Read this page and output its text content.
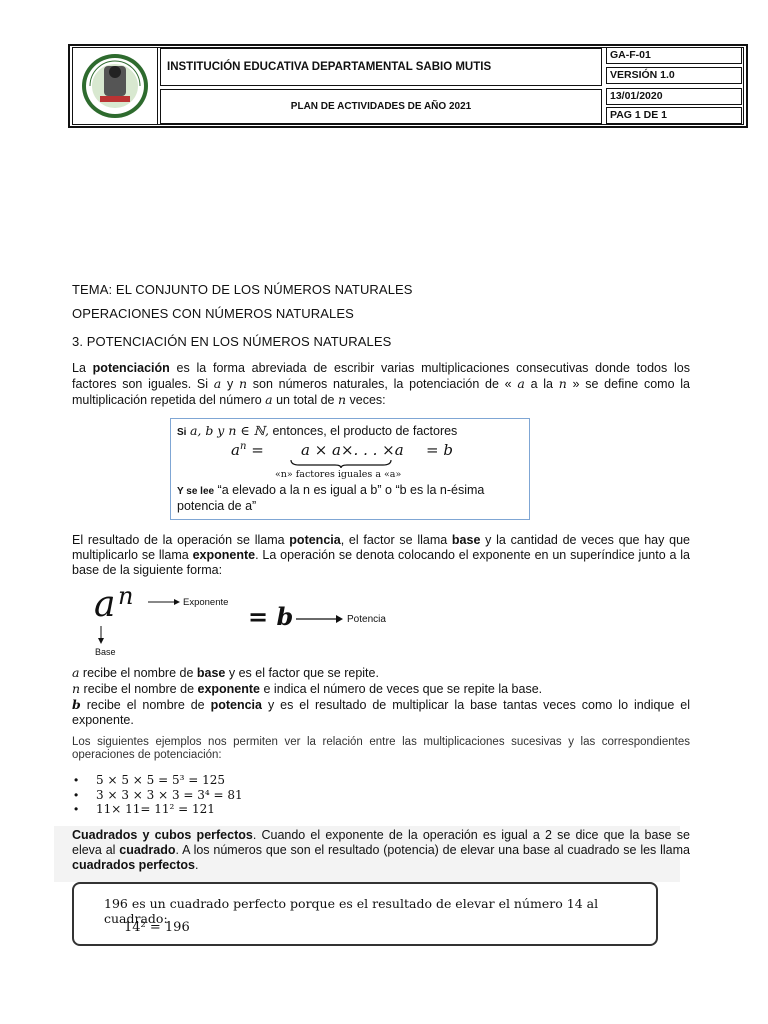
INSTITUCIÓN EDUCATIVA DEPARTAMENTAL SABIO MUTIS
PLAN DE ACTIVIDADES DE AÑO 2021
GA-F-01
VERSIÓN 1.0
13/01/2020
PAG 1 DE 1
TEMA: EL CONJUNTO DE LOS NÚMEROS NATURALES
OPERACIONES CON NÚMEROS NATURALES
3. POTENCIACIÓN EN LOS NÚMEROS NATURALES
La potenciación es la forma abreviada de escribir varias multiplicaciones consecutivas donde todos los factores son iguales. Si a y n son números naturales, la potenciación de « a a la n » se define como la multiplicación repetida del número a un total de n veces:
Si a, b y n ∈ ℕ, entonces, el producto de factores
$a^n = a \times a\times$. . . ×a = b
«n» factores iguales a «a»
Y se lee “a elevado a la n es igual a b” o “b es la n-ésima potencia de a”
El resultado de la operación se llama potencia, el factor se llama base y la cantidad de veces que hay que multiplicarlo se llama exponente. La operación se denota colocando el exponente en un superíndice junto a la base de la siguiente forma:
a n	Exponente = b	Potencia
Base
a recibe el nombre de base y es el factor que se repite.
n recibe el nombre de exponente e indica el número de veces que se repite la base.
b recibe el nombre de potencia y es el resultado de multiplicar la base tantas veces como lo indique el exponente.
Los siguientes ejemplos nos permiten ver la relación entre las multiplicaciones sucesivas y las correspondientes operaciones de potenciación:
• 5 × 5 × 5 = 5³ = 125
• 3 × 3 × 3 × 3 = 3⁴ = 81
• 11× 11= 11² = 121
Cuadrados y cubos perfectos. Cuando el exponente de la operación es igual a 2 se dice que la base se eleva al cuadrado. A los números que son el resultado (potencia) de elevar una base al cuadrado se les llama cuadrados perfectos.
196 es un cuadrado perfecto porque es el resultado de elevar el número 14 al cuadrado:
14² = 196
